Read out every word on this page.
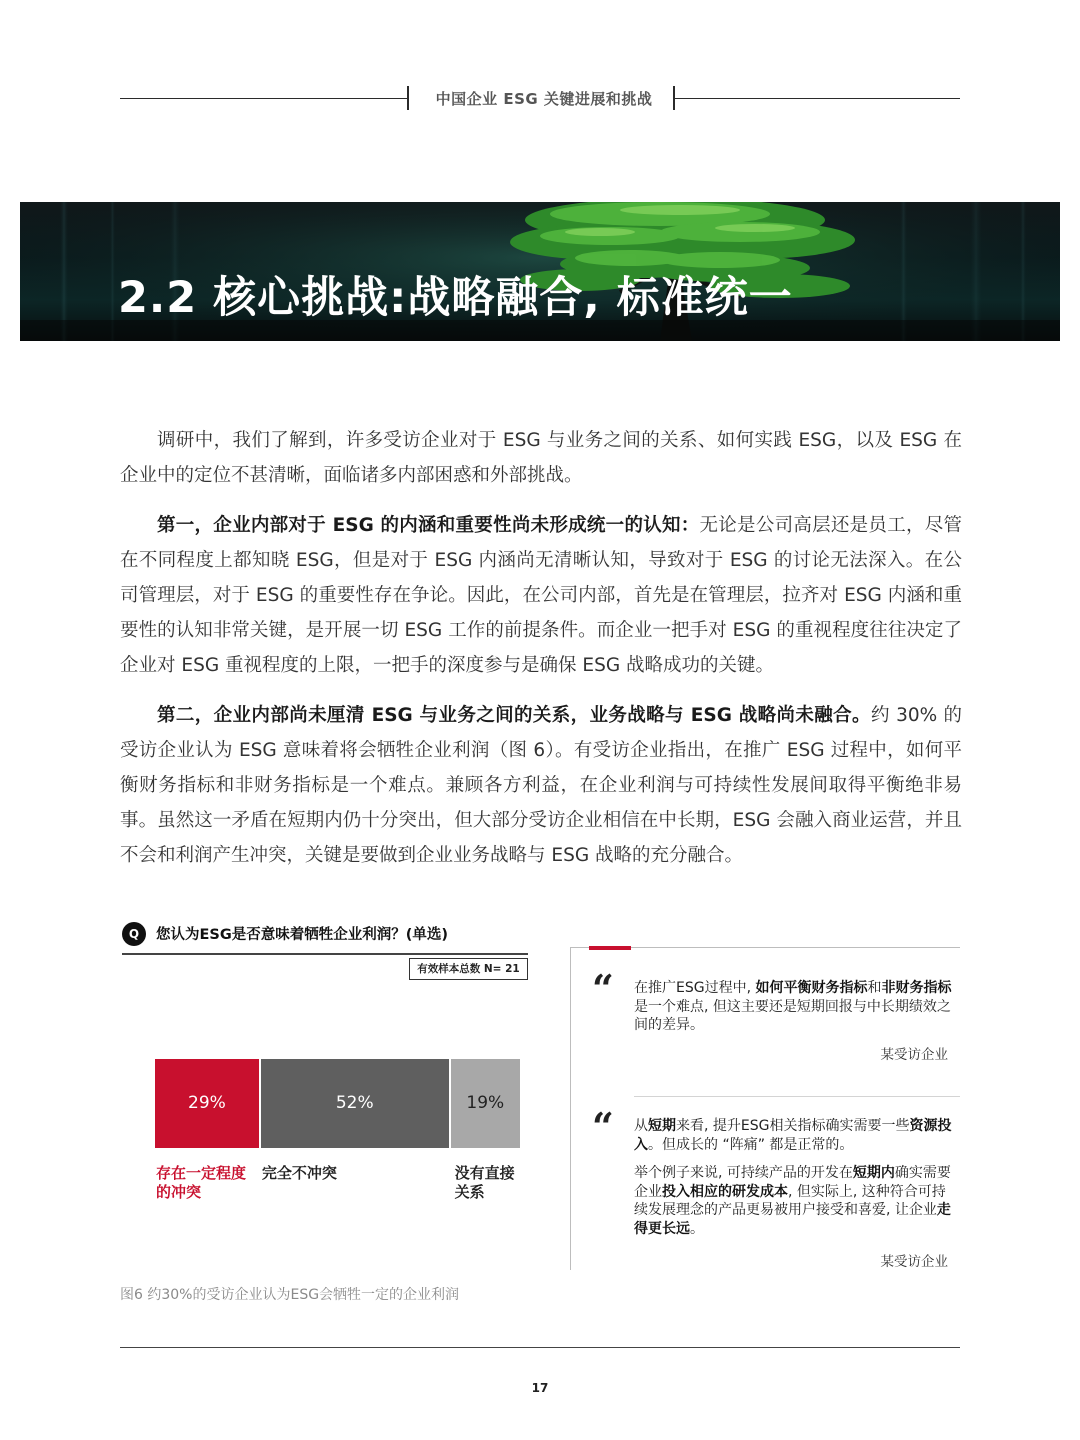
中国企业 ESG 关键进展和挑战
2.2 核心挑战:战略融合, 标准统一
调研中，我们了解到，许多受访企业对于 ESG 与业务之间的关系、如何实践 ESG，以及 ESG 在企业中的定位不甚清晰，面临诸多内部困惑和外部挑战。
第一，企业内部对于 ESG 的内涵和重要性尚未形成统一的认知：无论是公司高层还是员工，尽管在不同程度上都知晓 ESG，但是对于 ESG 内涵尚无清晰认知，导致对于 ESG 的讨论无法深入。在公司管理层，对于 ESG 的重要性存在争论。因此，在公司内部，首先是在管理层，拉齐对 ESG 内涵和重要性的认知非常关键，是开展一切 ESG 工作的前提条件。而企业一把手对 ESG 的重视程度往往决定了企业对 ESG 重视程度的上限，一把手的深度参与是确保 ESG 战略成功的关键。
第二，企业内部尚未厘清 ESG 与业务之间的关系，业务战略与 ESG 战略尚未融合。约 30% 的受访企业认为 ESG 意味着将会牺牲企业利润（图 6）。有受访企业指出，在推广 ESG 过程中，如何平衡财务指标和非财务指标是一个难点。兼顾各方利益，在企业利润与可持续性发展间取得平衡绝非易事。虽然这一矛盾在短期内仍十分突出，但大部分受访企业相信在中长期，ESG 会融入商业运营，并且不会和利润产生冲突，关键是要做到企业业务战略与 ESG 战略的充分融合。
Q	您认为ESG是否意味着牺牲企业利润？(单选)
有效样本总数 N= 21
29%
存在一定程度的冲突
52%
完全不冲突
19%
没有直接关系
图6 约30%的受访企业认为ESG会牺牲一定的企业利润
“ 在推广ESG过程中, 如何平衡财务指标和非财务指标是一个难点, 但这主要还是短期回报与中长期绩效之间的差异。
某受访企业
“ 从短期来看, 提升ESG相关指标确实需要一些资源投入。但成长的 “阵痛” 都是正常的。
举个例子来说, 可持续产品的开发在短期内确实需要企业投入相应的研发成本, 但实际上, 这种符合可持续发展理念的产品更易被用户接受和喜爱, 让企业走得更长远。
某受访企业
17
